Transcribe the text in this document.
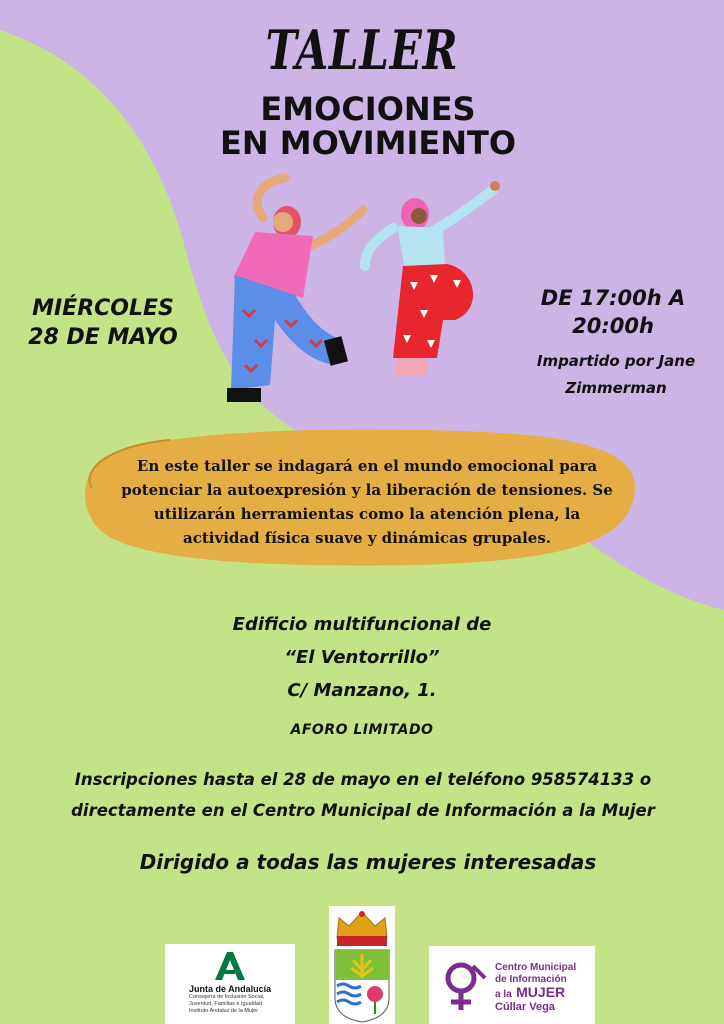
TALLER
EMOCIONES
EN MOVIMIENTO
MIÉRCOLES
28 DE MAYO
DE 17:00h A
20:00h
Impartido por Jane
Zimmerman
En este taller se indagará en el mundo emocional para
potenciar la autoexpresión y la liberación de tensiones. Se
utilizarán herramientas como la atención plena, la
actividad física suave y dinámicas grupales.
Edificio multifuncional de
“El Ventorrillo”
C/ Manzano, 1.
AFORO LIMITADO
Inscripciones hasta el 28 de mayo en el teléfono 958574133 o
directamente en el Centro Municipal de Información a la Mujer
Dirigido a todas las mujeres interesadas
Junta de Andalucía
Consejería de Inclusión Social,
Juventud, Familias e Igualdad
Instituto Andaluz de la Mujer
Centro Municipal
de Información
a la MUJER
Cúllar Vega
